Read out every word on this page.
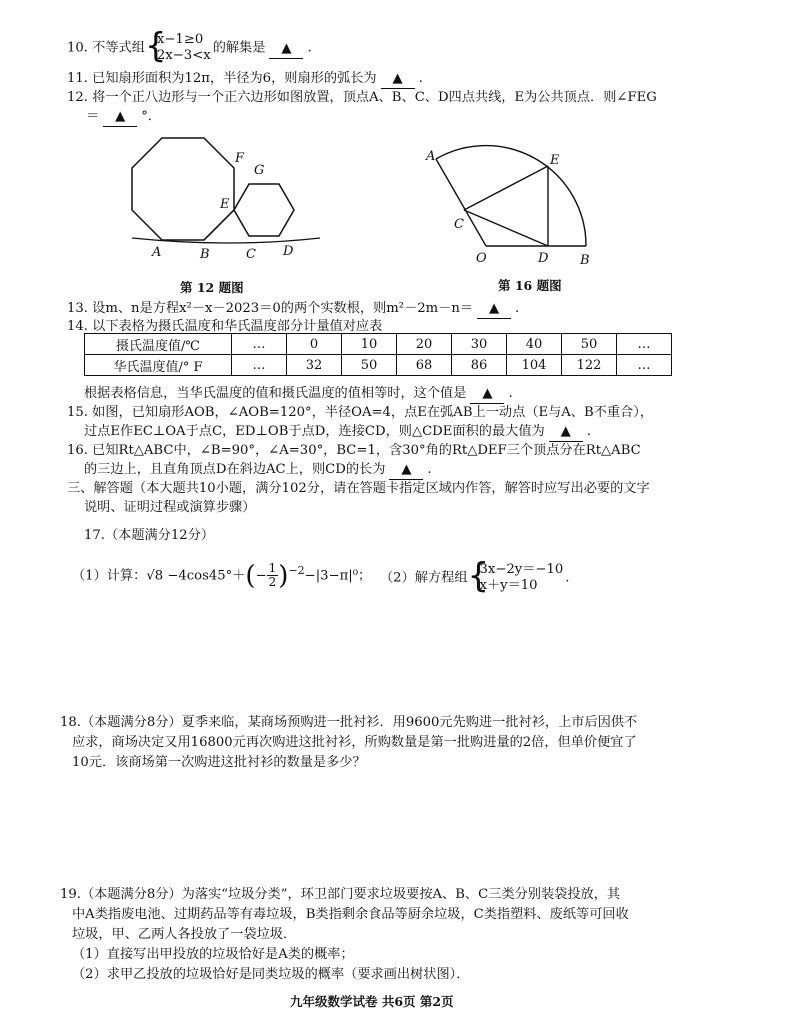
10. 不等式组
{ x−1≥0
2x−3<x 的解集是 ▲ .
11. 已知扇形面积为12π，半径为6，则扇形的弧长为 ▲ .
12. 将一个正八边形与一个正六边形如图放置，顶点A、B、C、D四点共线，E为公共顶点．则∠FEG
＝ ▲ °．
A	B	C D
E
F
G
第 12 题图
A
B
C
D
E
O
第 16 题图
13. 设m、n是方程x²－x－2023＝0的两个实数根，则m²－2m－n＝ ▲ .
14. 以下表格为摄氏温度和华氏温度部分计量值对应表
摄氏温度值/℃	…	0	10	20	30	40	50	…
华氏温度值/° F	…	32	50	68	86	104	122	…
根据表格信息，当华氏温度的值和摄氏温度的值相等时，这个值是 ▲ .
15. 如图，已知扇形AOB，∠AOB=120°，半径OA=4，点E在弧AB上一动点（E与A、B不重合），
过点E作EC⊥OA于点C，ED⊥OB于点D，连接CD，则△CDE面积的最大值为 ▲ .
16. 已知Rt△ABC中，∠B=90°，∠A=30°，BC=1，含30°角的Rt△DEF三个顶点分在Rt△ABC
的三边上，且直角顶点D在斜边AC上，则CD的长为 ▲ .
三、解答题（本大题共10小题，满分102分，请在答题卡指定区域内作答，解答时应写出必要的文字
说明、证明过程或演算步骤）
17.（本题满分12分）
（1）计算：$√8 -4\cos 45^\circ+(- \frac{1}{2} )^{-2}-|3-\pi|^0$； （2）解方程组
{ 3x−2y＝−10
x＋y＝10	.
18.（本题满分8分）夏季来临，某商场预购进一批衬衫．用9600元先购进一批衬衫，上市后因供不
应求，商场决定又用16800元再次购进这批衬衫，所购数量是第一批购进量的2倍，但单价便宜了
10元．该商场第一次购进这批衬衫的数量是多少？
19.（本题满分8分）为落实“垃圾分类”，环卫部门要求垃圾要按A、B、C三类分别装袋投放，其
中A类指废电池、过期药品等有毒垃圾，B类指剩余食品等厨余垃圾，C类指塑料、废纸等可回收
垃圾，甲、乙两人各投放了一袋垃圾．
（1）直接写出甲投放的垃圾恰好是A类的概率；
（2）求甲乙投放的垃圾恰好是同类垃圾的概率（要求画出树状图）．
九年级数学试卷 共6页 第2页
